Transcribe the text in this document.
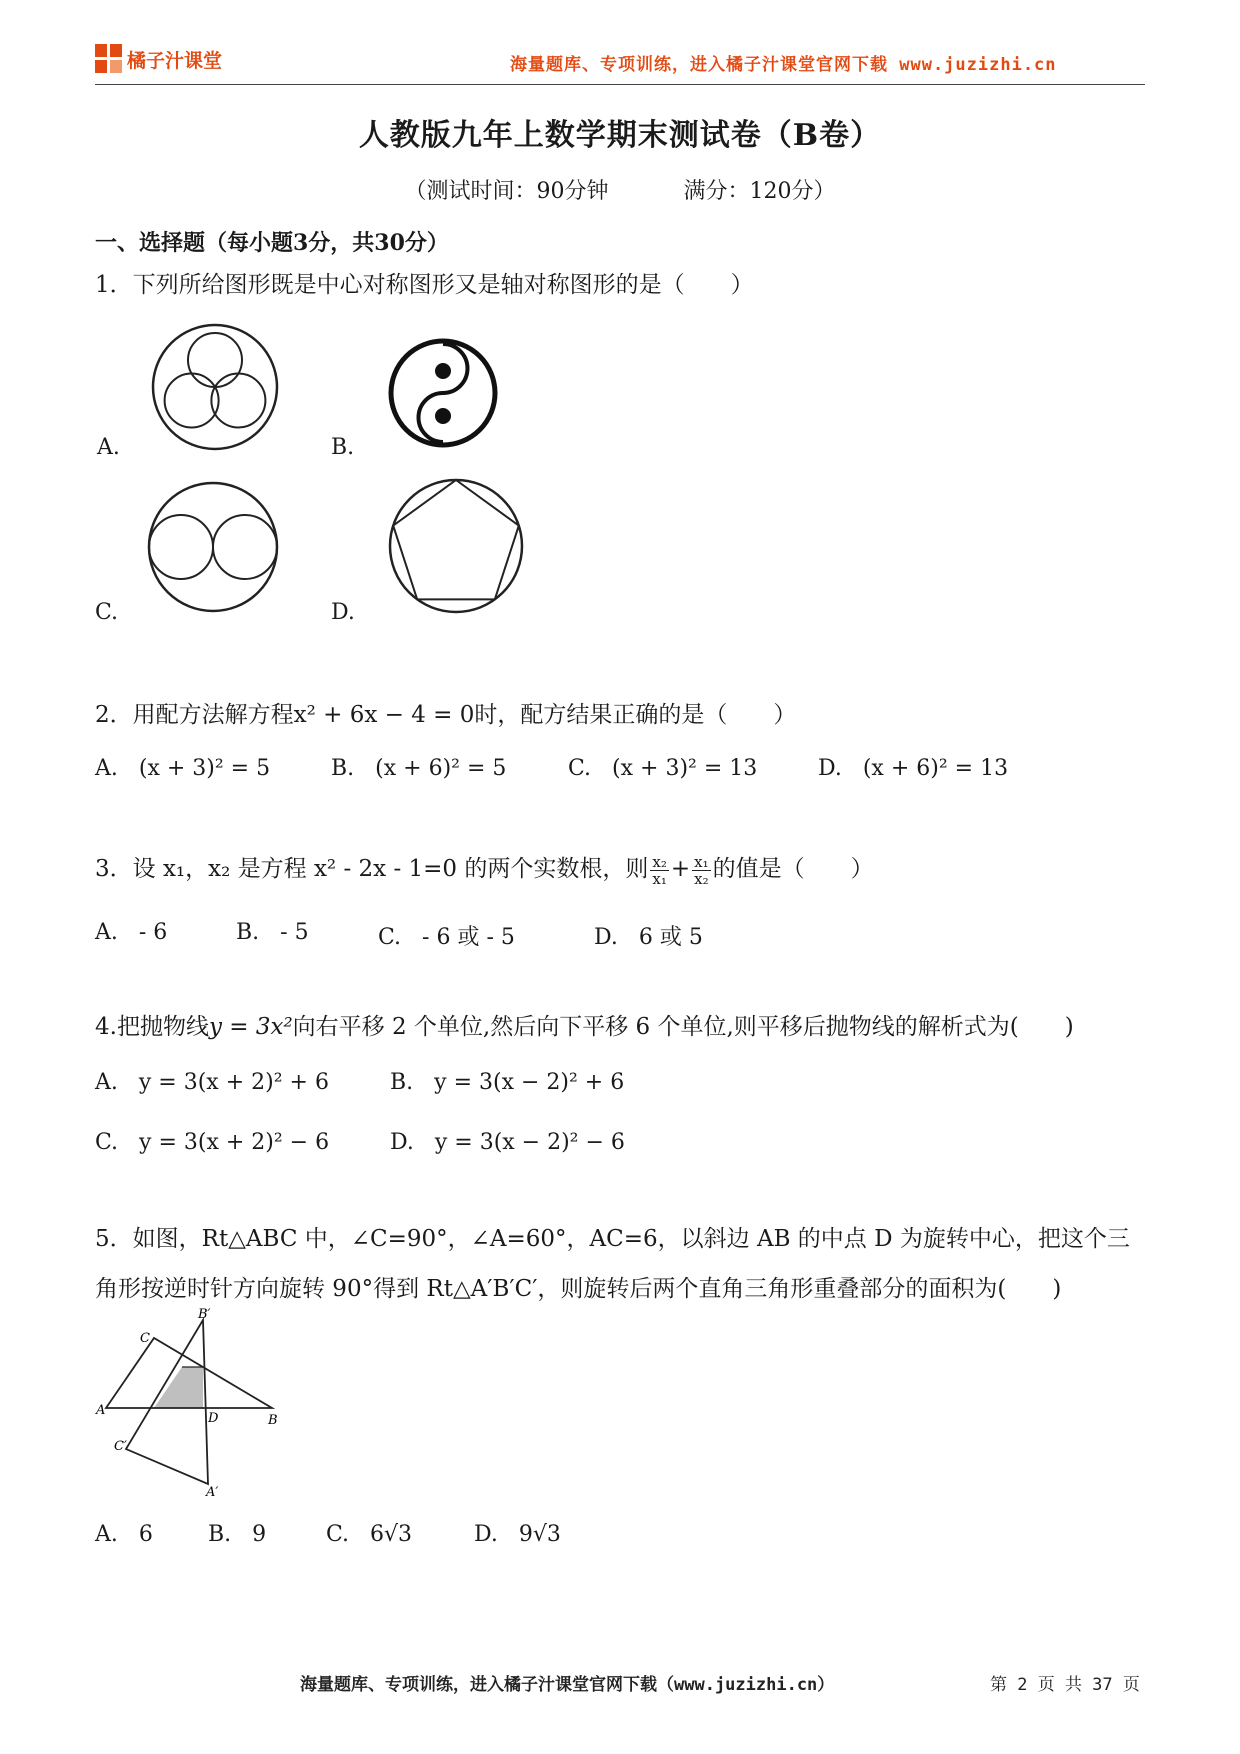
橘子汁课堂	海量题库、专项训练，进入橘子汁课堂官网下载 www.juzizhi.cn
人教版九年上数学期末测试卷（B卷）
（测试时间：90分钟	满分：120分）
一、选择题（每小题3分，共30分）
1．下列所给图形既是中心对称图形又是轴对称图形的是（　　）
A.	B.
C.	D.
2．用配方法解方程x² + 6x − 4 = 0时，配方结果正确的是（　　）
A. (x + 3)² = 5	B. (x + 6)² = 5	C. (x + 3)² = 13	D. (x + 6)² = 13
3．设 x₁，x₂ 是方程 x² - 2x - 1=0 的两个实数根，则 $\frac{\text{x₂}}{\text{x₁}} + \frac{\text{x₁}}{\text{x₂}}$ 的值是（　　）
A. - 6	B. - 5	C. - 6 或 - 5	D. 6 或 5
4.把抛物线y = 3x²向右平移 2 个单位,然后向下平移 6 个单位,则平移后抛物线的解析式为(　　)
A. y = 3(x + 2)² + 6	B. y = 3(x − 2)² + 6
C. y = 3(x + 2)² − 6	D. y = 3(x − 2)² − 6
5．如图，Rt△ABC 中，∠C=90°，∠A=60°，AC=6，以斜边 AB 的中点 D 为旋转中心，把这个三
角形按逆时针方向旋转 90°得到 Rt△A′B′C′，则旋转后两个直角三角形重叠部分的面积为(　　)
B′
C
A
D	B
C′
A′
A. 6	B. 9	C. 6√3	D. 9√3
海量题库、专项训练，进入橘子汁课堂官网下载（www.juzizhi.cn）	第 2 页 共 37 页
